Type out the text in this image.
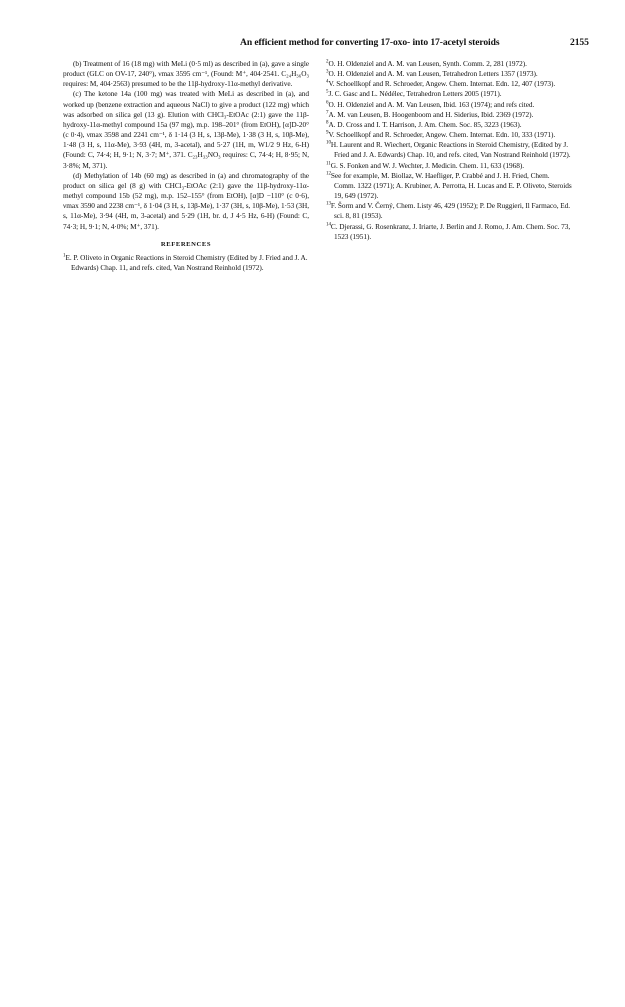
An efficient method for converting 17-oxo- into 17-acetyl steroids	2155

(b) Treatment of 16 (18 mg) with MeLi (0·5 ml) as described in (a), gave a single product (GLC on OV-17, 240°), νmax 3595 cm⁻¹, (Found: M⁺, 404·2541. C₂₄H₃₆O₃ requires: M, 404·2563) presumed to be the 11β-hydroxy-11α-methyl derivative.

(c) The ketone 14a (100 mg) was treated with MeLi as described in (a), and worked up (benzene extraction and aqueous NaCl) to give a product (122 mg) which was adsorbed on silica gel (13 g). Elution with CHCl₃-EtOAc (2:1) gave the 11β-hydroxy-11α-methyl compound 15a (97 mg), m.p. 198–201° (from EtOH), [α]D-20° (c 0·4), νmax 3598 and 2241 cm⁻¹, δ 1·14 (3 H, s, 13β-Me), 1·38 (3 H, s, 10β-Me), 1·48 (3 H, s, 11α-Me), 3·93 (4H, m, 3-acetal), and 5·27 (1H, m, W1/2 9 Hz, 6-H) (Found: C, 74·4; H, 9·1; N, 3·7; M⁺, 371. C₂₃H₃₃NO₃ requires: C, 74·4; H, 8·95; N, 3·8%; M, 371).

(d) Methylation of 14b (60 mg) as described in (a) and chromatography of the product on silica gel (8 g) with CHCl₃-EtOAc (2:1) gave the 11β-hydroxy-11α-methyl compound 15b (52 mg), m.p. 152–155° (from EtOH), [α]D −110° (c 0·6), νmax 3590 and 2238 cm⁻¹, δ 1·04 (3 H, s, 13β-Me), 1·37 (3H, s, 10β-Me), 1·53 (3H, s, 11α-Me), 3·94 (4H, m, 3-acetal) and 5·29 (1H, br. d, J 4·5 Hz, 6-H) (Found: C, 74·3; H, 9·1; N, 4·0%; M⁺, 371).

REFERENCES
$^1$E. P. Oliveto in Organic Reactions in Steroid Chemistry (Edited by J. Fried and J. A. Edwards) Chap. 11, and refs. cited, Van Nostrand Reinhold (1972).
$^2$O. H. Oldenziel and A. M. van Leusen, Synth. Comm. 2, 281 (1972).
$^3$O. H. Oldenziel and A. M. van Leusen, Tetrahedron Letters 1357 (1973).
$^4$V. Schoellkopf and R. Schroeder, Angew. Chem. Internat. Edn. 12, 407 (1973).
$^5$J. C. Gasc and L. Nédélec, Tetrahedron Letters 2005 (1971).
$^6$O. H. Oldenziel and A. M. Van Leusen, Ibid. 163 (1974); and refs cited.
$^7$A. M. van Leusen, B. Hoogenboom and H. Siderius, Ibid. 2369 (1972).
$^8$A. D. Cross and I. T. Harrison, J. Am. Chem. Soc. 85, 3223 (1963).
$^9$V. Schoellkopf and R. Schroeder, Angew. Chem. Internat. Edn. 10, 333 (1971).
$^{10}$H. Laurent and R. Wiechert, Organic Reactions in Steroid Chemistry, (Edited by J. Fried and J. A. Edwards) Chap. 10, and refs. cited, Van Nostrand Reinhold (1972).
$^{11}$G. S. Fonken and W. J. Wechter, J. Medicin. Chem. 11, 633 (1968).
$^{12}$See for example, M. Biollaz, W. Haefliger, P. Crabbé and J. H. Fried, Chem. Comm. 1322 (1971); A. Krubiner, A. Perrotta, H. Lucas and E. P. Oliveto, Steroids 19, 649 (1972).
$^{13}$F. Šorm and V. Černý, Chem. Listy 46, 429 (1952); P. De Ruggieri, Il Farmaco, Ed. sci. 8, 81 (1953).
$^{14}$C. Djerassi, G. Rosenkranz, J. Iriarte, J. Berlin and J. Romo, J. Am. Chem. Soc. 73, 1523 (1951).
